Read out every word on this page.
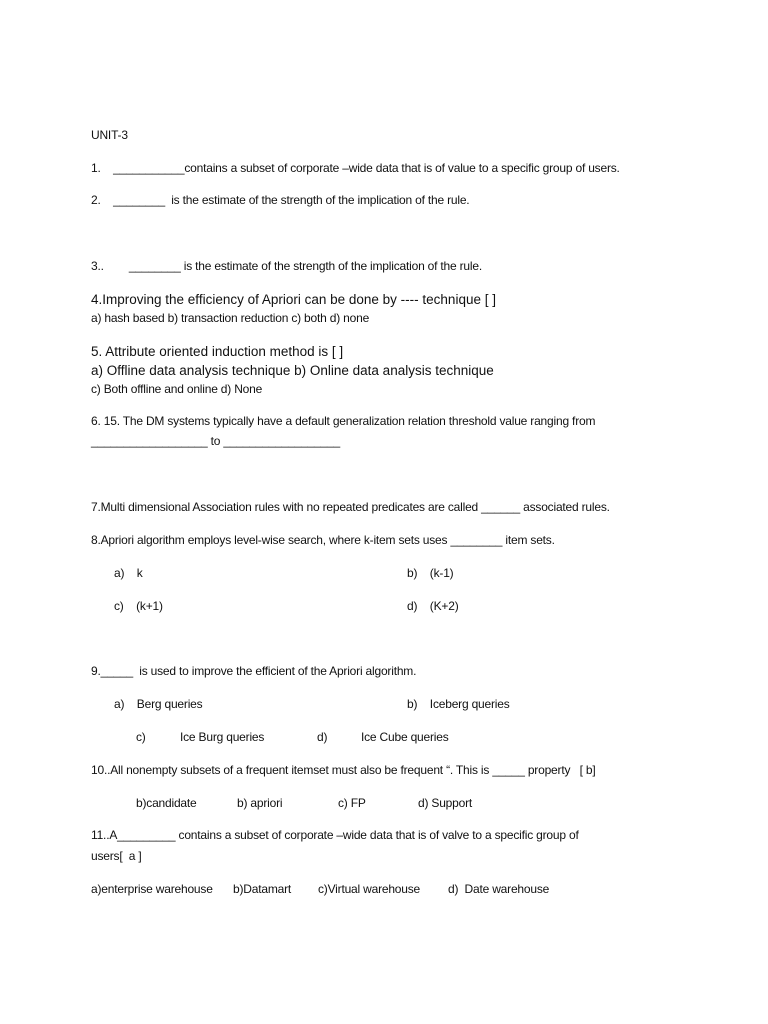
UNIT-3
1.    ___________contains a subset of corporate –wide data that is of value to a specific group of users.
2.    ________  is the estimate of the strength of the implication of the rule.
3..        ________ is the estimate of the strength of the implication of the rule.
4.Improving the efficiency of Apriori can be done by ---- technique [ ]
a) hash based b) transaction reduction c) both d) none
5. Attribute oriented induction method is [ ]
a) Offline data analysis technique b) Online data analysis technique
c) Both offline and online d) None
6. 15. The DM systems typically have a default generalization relation threshold value ranging from
__________________ to __________________
7.Multi dimensional Association rules with no repeated predicates are called ______ associated rules.
8.Apriori algorithm employs level-wise search, where k-item sets uses ________ item sets.
a)    k	b)    (k-1)
c)    (k+1)	d)    (K+2)
9._____  is used to improve the efficient of the Apriori algorithm.
a)    Berg queries	b)    Iceberg queries
c)	Ice Burg queries	d)	Ice Cube queries
10..All nonempty subsets of a frequent itemset must also be frequent “. This is _____ property   [ b]
b)candidate	b) apriori	c) FP	d) Support
11..A_________ contains a subset of corporate –wide data that is of valve to a specific group of
users[  a ]
a)enterprise warehouse b)Datamart c)Virtual warehouse d)  Date warehouse
